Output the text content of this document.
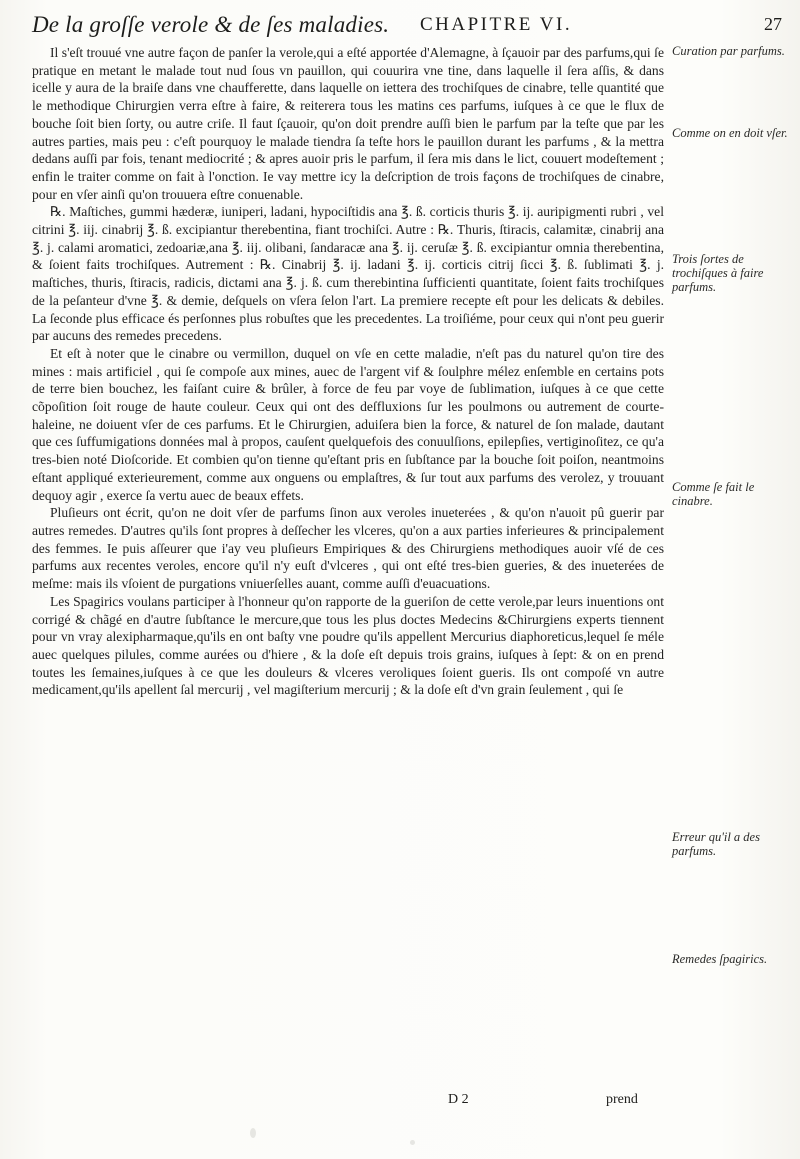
De la groſſe verole & de ſes maladies. CHAPITRE VI.	27

Il s'eſt trouué vne autre façon de panſer la verole,qui a eſté apportée d'Alemagne, à ſçauoir par des parfums,qui ſe pratique en metant le malade tout nud ſous vn pauillon, qui couurira vne tine, dans laquelle il ſera aſſis, & dans icelle y aura de la braiſe dans vne chaufferette, dans laquelle on iettera des trochiſques de cinabre, telle quantité que le methodique Chirurgien verra eſtre à faire, & reiterera tous les matins ces parfums, iuſques à ce que le flux de bouche ſoit bien ſorty, ou autre criſe. Il faut ſçauoir, qu'on doit prendre auſſi bien le parfum par la teſte que par les autres parties, mais peu : c'eſt pourquoy le malade tiendra ſa teſte hors le pauillon durant les parfums , & la mettra dedans auſſi par fois, tenant mediocrité ; & apres auoir pris le parfum, il ſera mis dans le lict, couuert modeſtement ; enfin le traiter comme on fait à l'onction. Ie vay mettre icy la deſcription de trois façons de trochiſques de cinabre, pour en vſer ainſi qu'on trouuera eſtre conuenable.

℞. Maſtiches, gummi hæderæ, iuniperi, ladani, hypociſtidis ana ℥. ß. corticis thuris ℥. ij. auripigmenti rubri , vel citrini ℥. iij. cinabrij ℥. ß. excipiantur therebentina, fiant trochiſci. Autre : ℞. Thuris, ſtiracis, calamitæ, cinabrij ana ℥. j. calami aromatici, zedoariæ,ana ℥. iij. olibani, ſandaracæ ana ℥. ij. ceruſæ ℥. ß. excipiantur omnia therebentina, & ſoient faits trochiſques. Autrement : ℞. Cinabrij ℥. ij. ladani ℥. ij. corticis citrij ſicci ℥. ß. ſublimati ℥. j. maſtiches, thuris, ſtiracis, radicis, dictami ana ℥. j. ß. cum therebintina ſufficienti quantitate, ſoient faits trochiſques de la peſanteur d'vne ℥. & demie, deſquels on vſera ſelon l'art. La premiere recepte eſt pour les delicats & debiles. La ſeconde plus efficace és perſonnes plus robuſtes que les precedentes. La troiſiéme, pour ceux qui n'ont peu guerir par aucuns des remedes precedens.

Et eſt à noter que le cinabre ou vermillon, duquel on vſe en cette maladie, n'eſt pas du naturel qu'on tire des mines : mais artificiel , qui ſe compoſe aux mines, auec de l'argent vif & ſoulphre mélez enſemble en certains pots de terre bien bouchez, les faiſant cuire & brûler, à force de feu par voye de ſublimation, iuſques à ce que cette cõpoſition ſoit rouge de haute couleur. Ceux qui ont des deſfluxions ſur les poulmons ou autrement de courte-haleine, ne doiuent vſer de ces parfums. Et le Chirurgien, aduiſera bien la force, & naturel de ſon malade, dautant que ces ſuffumigations données mal à propos, cauſent quelquefois des conuulſions, epilepſies, vertiginoſitez, ce qu'a tres-bien noté Dioſcoride. Et combien qu'on tienne qu'eſtant pris en ſubſtance par la bouche ſoit poiſon, neantmoins eſtant appliqué exterieurement, comme aux onguens ou emplaſtres, & ſur tout aux parfums des verolez, y trouuant dequoy agir , exerce ſa vertu auec de beaux effets.

Pluſieurs ont écrit, qu'on ne doit vſer de parfums ſinon aux veroles inueterées , & qu'on n'auoit pû guerir par autres remedes. D'autres qu'ils ſont propres à deſſecher les vlceres, qu'on a aux parties inferieures & principalement des femmes. Ie puis aſſeurer que i'ay veu pluſieurs Empiriques & des Chirurgiens methodiques auoir vſé de ces parfums aux recentes veroles, encore qu'il n'y euſt d'vlceres , qui ont eſté tres-bien gueries, & des inueterées de meſme: mais ils vſoient de purgations vniuerſelles auant, comme auſſi d'euacuations.

Les Spagirics voulans participer à l'honneur qu'on rapporte de la gueriſon de cette verole,par leurs inuentions ont corrigé & chãgé en d'autre ſubſtance le mercure,que tous les plus doctes Medecins &Chirurgiens experts tiennent pour vn vray alexipharmaque,qu'ils en ont baſty vne poudre qu'ils appellent Mercurius diaphoreticus,lequel ſe méle auec quelques pilules, comme aurées ou d'hiere , & la doſe eſt depuis trois grains, iuſques à ſept: & on en prend toutes les ſemaines,iuſques à ce que les douleurs & vlceres veroliques ſoient gueris. Ils ont compoſé vn autre medicament,qu'ils apellent ſal mercurij , vel magiſterium mercurij ; & la doſe eſt d'vn grain ſeulement , qui ſe

Curation par parfums.
Comme on en doit vſer.
Trois ſortes de trochiſques à faire parfums.
Comme ſe fait le cinabre.
Erreur qu'il a des parfums.
Remedes ſpagirics.
D 2	prend
